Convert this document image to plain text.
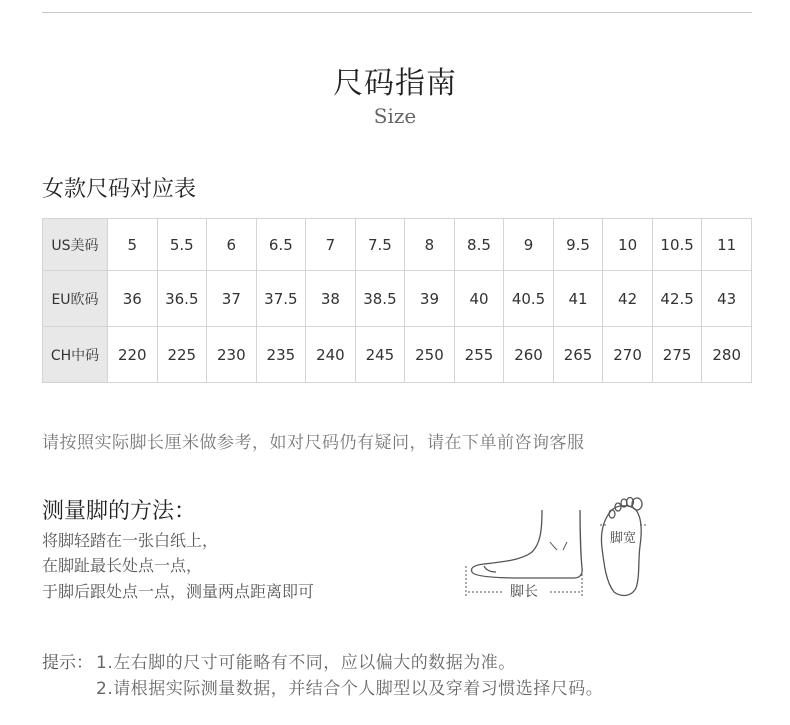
尺码指南
Size
女款尺码对应表
US美码	5	5.5	6	6.5	7	7.5	8	8.5	9	9.5	10	10.5	11
EU欧码	36	36.5	37	37.5	38	38.5	39	40	40.5	41	42	42.5	43
CH中码	220	225	230	235	240	245	250	255	260	265	270	275	280
请按照实际脚长厘米做参考，如对尺码仍有疑问，请在下单前咨询客服
测量脚的方法：
将脚轻踏在一张白纸上，
在脚趾最长处点一点，
于脚后跟处点一点，测量两点距离即可	脚长
脚宽
提示： 1.左右脚的尺寸可能略有不同，应以偏大的数据为准。
2.请根据实际测量数据，并结合个人脚型以及穿着习惯选择尺码。
